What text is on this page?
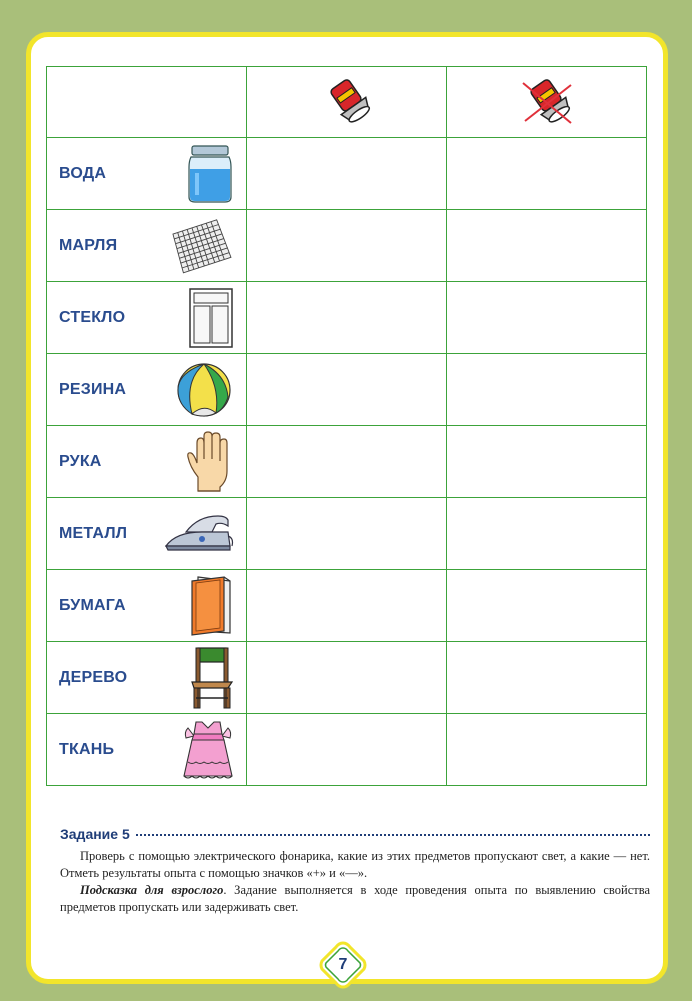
ВОДА		

МАРЛЯ		

СТЕКЛО		

РЕЗИНА		

РУКА		

МЕТАЛЛ		

БУМАГА		

ДЕРЕВО		

ТКАНЬ		

Задание 5

Проверь с помощью электрического фонарика, какие из этих предметов пропускают свет, а какие — нет. Отметь результаты опыта с помощью значков «+» и «—».

Подсказка для взрослого. Задание выполняется в ходе проведения опыта по выявлению свойства предметов пропускать или задерживать свет.

7
